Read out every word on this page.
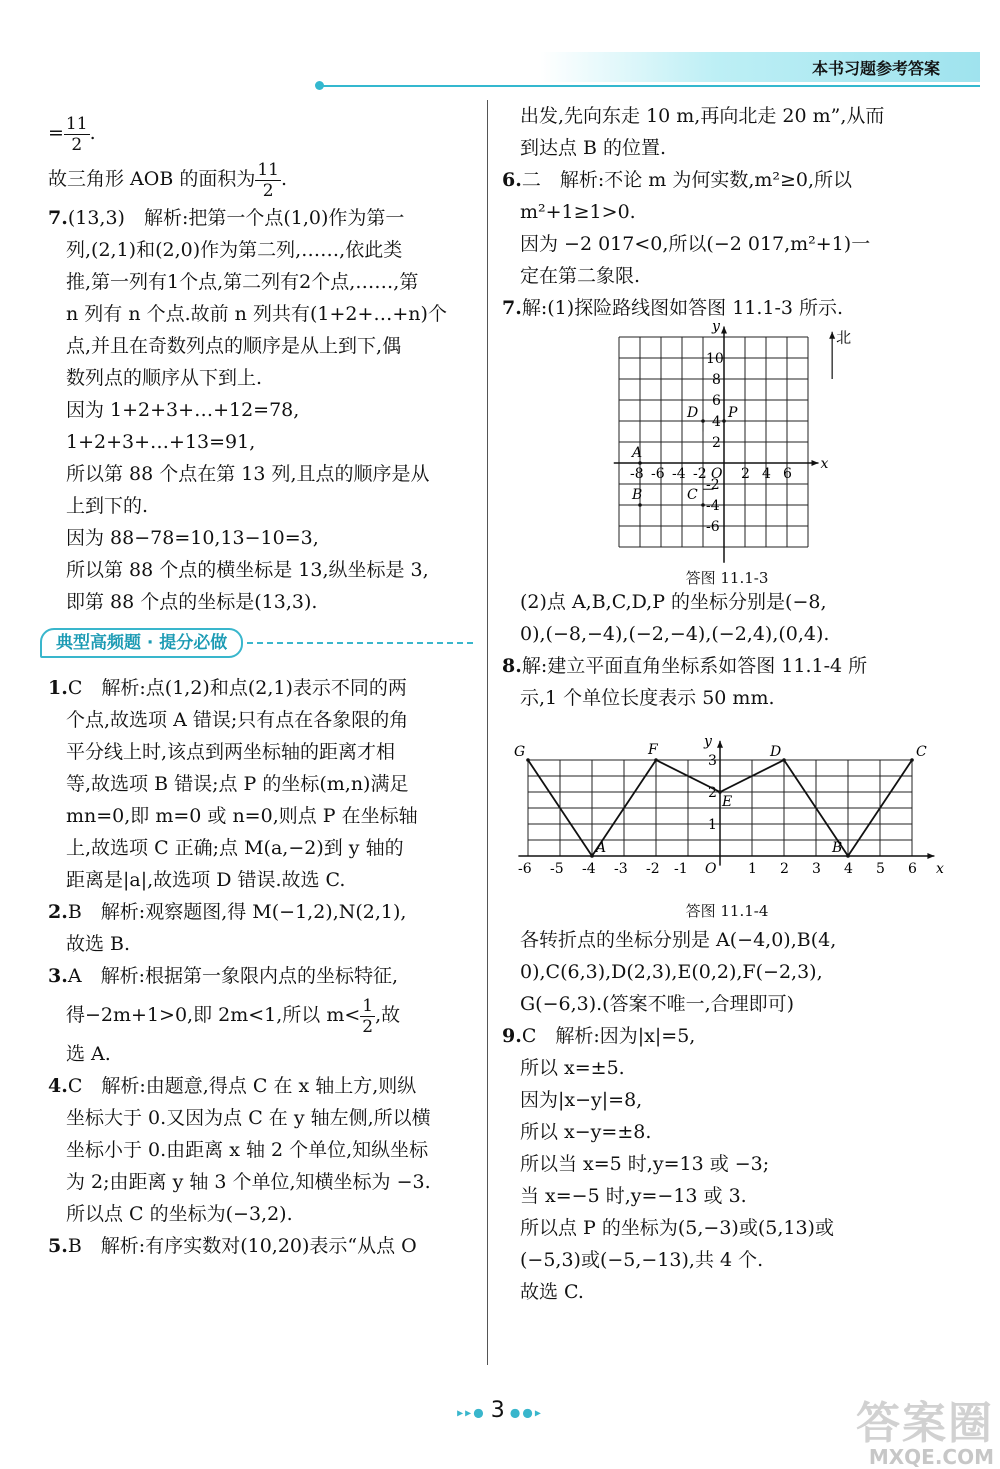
本书习题参考答案
= $\frac{11}{2}$ .
故三角形 AOB 的面积为 $\frac{11}{2}$ .
7.(13,3)　解析:把第一个点(1,0)作为第一
列,(2,1)和(2,0)作为第二列,……,依此类
推,第一列有1个点,第二列有2个点,……,第
n 列有 n 个点.故前 n 列共有(1+2+…+n)个
点,并且在奇数列点的顺序是从上到下,偶
数列点的顺序从下到上.
因为 1+2+3+…+12=78,
1+2+3+…+13=91,
所以第 88 个点在第 13 列,且点的顺序是从
上到下的.
因为 88−78=10,13−10=3,
所以第 88 个点的横坐标是 13,纵坐标是 3,
即第 88 个点的坐标是(13,3).
典型高频题 · 提分必做
1.C　解析:点(1,2)和点(2,1)表示不同的两
个点,故选项 A 错误;只有点在各象限的角
平分线上时,该点到两坐标轴的距离才相
等,故选项 B 错误;点 P 的坐标(m,n)满足
mn=0,即 m=0 或 n=0,则点 P 在坐标轴
上,故选项 C 正确;点 M(a,−2)到 y 轴的
距离是|a|,故选项 D 错误.故选 C.
2.B　解析:观察题图,得 M(−1,2),N(2,1),
故选 B.
3.A　解析:根据第一象限内点的坐标特征,
得−2m+1>0,即 2m<1,所以 $m< \frac{1}{2}$ ,故
选 A.
4.C　解析:由题意,得点 C 在 x 轴上方,则纵
坐标大于 0.又因为点 C 在 y 轴左侧,所以横
坐标小于 0.由距离 x 轴 2 个单位,知纵坐标
为 2;由距离 y 轴 3 个单位,知横坐标为 −3.
所以点 C 的坐标为(−3,2).
5.B　解析:有序实数对(10,20)表示“从点 O
出发,先向东走 10 m,再向北走 20 m”,从而
到达点 B 的位置.
6.二　解析:不论 m 为何实数,m²≥0,所以
m²+1≥1>0.
因为 −2 017<0,所以(−2 017,m²+1)一
定在第二象限.
7.解:(1)探险路线图如答图 11.1-3 所示.
x
y
O
-8 -6 -4 -2 2 4 6
10
8
6
4
2
-2
-4
-6
北
A
B	C
D P
答图 11.1-3
(2)点 A,B,C,D,P 的坐标分别是(−8,
0),(−8,−4),(−2,−4),(−2,4),(0,4).
8.解:建立平面直角坐标系如答图 11.1-4 所
示,1 个单位长度表示 50 mm.
x
y
O
-6 -5 -4 -3 -2 -1	1 2 3 4 5 6
1
2
3
A	B
C
D
E
F
G
答图 11.1-4
各转折点的坐标分别是 A(−4,0),B(4,
0),C(6,3),D(2,3),E(0,2),F(−2,3),
G(−6,3).(答案不唯一,合理即可)
9.C　解析:因为|x|=5,
所以 x=±5.
因为|x−y|=8,
所以 x−y=±8.
所以当 x=5 时,y=13 或 −3;
当 x=−5 时,y=−13 或 3.
所以点 P 的坐标为(5,−3)或(5,13)或
(−5,3)或(−5,−13),共 4 个.
故选 C.
▸▸● 3 ●●▸	答案圈
MXQE.COM
